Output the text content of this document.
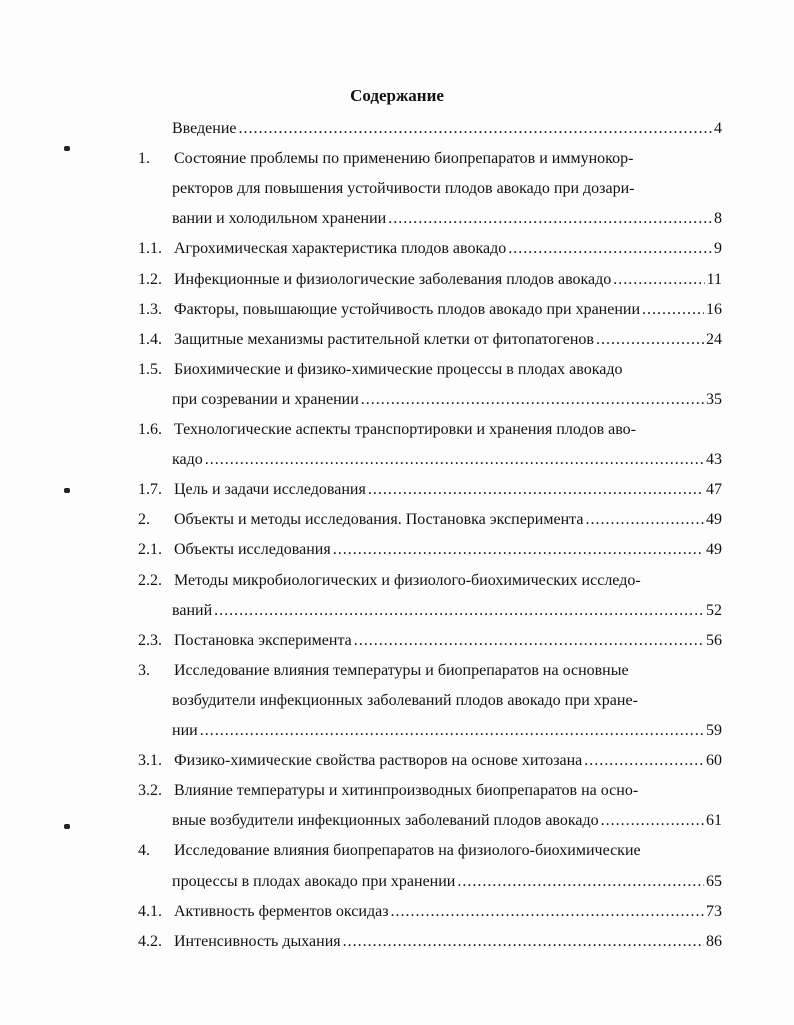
Содержание
Введение .....	4
1.	Состояние проблемы по применению биопрепаратов и иммунокор-
ректоров для повышения устойчивости плодов авокадо при дозари-
вании и холодильном хранении .....	8
1.1. Агрохимическая характеристика плодов авокадо .....	9
1.2. Инфекционные и физиологические заболевания плодов авокадо .....	11
1.3. Факторы, повышающие устойчивость плодов авокадо при хранении .....	16
1.4. Защитные механизмы растительной клетки от фитопатогенов .....	24
1.5. Биохимические и физико-химические процессы в плодах авокадо
при созревании и хранении .....	35
1.6. Технологические аспекты транспортировки и хранения плодов аво-
кадо .....	43
1.7. Цель и задачи исследования .....	47
2.	Объекты и методы исследования. Постановка эксперимента .....	49
2.1. Объекты исследования .....	49
2.2. Методы микробиологических и физиолого-биохимических исследо-
ваний .....	52
2.3. Постановка эксперимента .....	56
3.	Исследование влияния температуры и биопрепаратов на основные
возбудители инфекционных заболеваний плодов авокадо при хране-
нии .....	59
3.1. Физико-химические свойства растворов на основе хитозана .....	60
3.2. Влияние температуры и хитинпроизводных биопрепаратов на осно-
вные возбудители инфекционных заболеваний плодов авокадо .....	61
4.	Исследование влияния биопрепаратов на физиолого-биохимические
процессы в плодах авокадо при хранении .....	65
4.1. Активность ферментов оксидаз .....	73
4.2. Интенсивность дыхания .....	86
